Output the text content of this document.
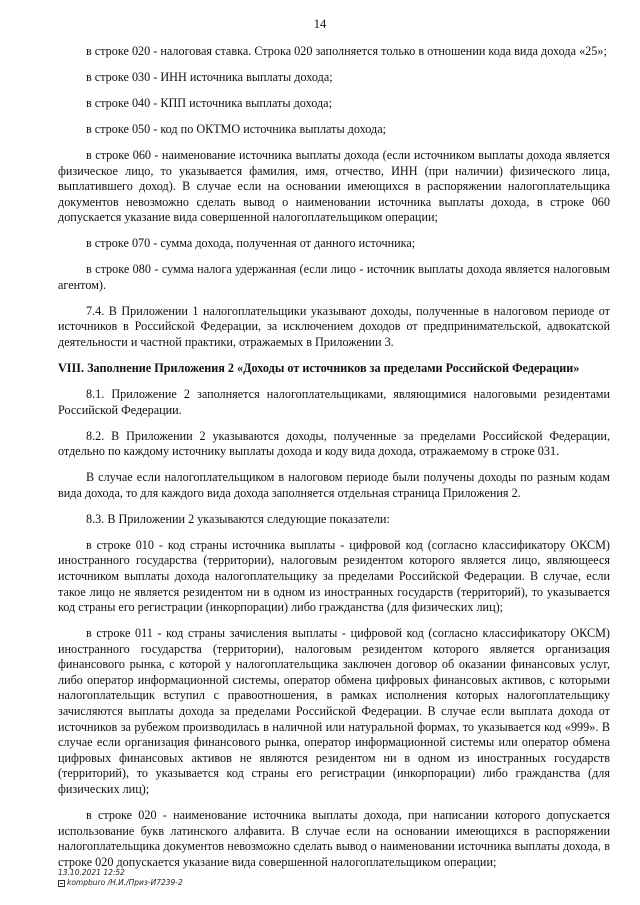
14

в строке 020 - налоговая ставка. Строка 020 заполняется только в отношении кода вида дохода «25»;

в строке 030 - ИНН источника выплаты дохода;

в строке 040 - КПП источника выплаты дохода;

в строке 050 - код по ОКТМО источника выплаты дохода;

в строке 060 - наименование источника выплаты дохода (если источником выплаты дохода является физическое лицо, то указывается фамилия, имя, отчество, ИНН (при наличии) физического лица, выплатившего доход). В случае если на основании имеющихся в распоряжении налогоплательщика документов невозможно сделать вывод о наименовании источника выплаты дохода, в строке 060 допускается указание вида совершенной налогоплательщиком операции;

в строке 070 - сумма дохода, полученная от данного источника;

в строке 080 - сумма налога удержанная (если лицо - источник выплаты дохода является налоговым агентом).

7.4. В Приложении 1 налогоплательщики указывают доходы, полученные в налоговом периоде от источников в Российской Федерации, за исключением доходов от предпринимательской, адвокатской деятельности и частной практики, отражаемых в Приложении 3.

VIII. Заполнение Приложения 2 «Доходы от источников за пределами Российской Федерации»

8.1. Приложение 2 заполняется налогоплательщиками, являющимися налоговыми резидентами Российской Федерации.

8.2. В Приложении 2 указываются доходы, полученные за пределами Российской Федерации, отдельно по каждому источнику выплаты дохода и коду вида дохода, отражаемому в строке 031.

В случае если налогоплательщиком в налоговом периоде были получены доходы по разным кодам вида дохода, то для каждого вида дохода заполняется отдельная страница Приложения 2.

8.3. В Приложении 2 указываются следующие показатели:

в строке 010 - код страны источника выплаты - цифровой код (согласно классификатору ОКСМ) иностранного государства (территории), налоговым резидентом которого является лицо, являющееся источником выплаты дохода налогоплательщику за пределами Российской Федерации. В случае, если такое лицо не является резидентом ни в одном из иностранных государств (территорий), то указывается код страны его регистрации (инкорпорации) либо гражданства (для физических лиц);

в строке 011 - код страны зачисления выплаты - цифровой код (согласно классификатору ОКСМ) иностранного государства (территории), налоговым резидентом которого является организация финансового рынка, с которой у налогоплательщика заключен договор об оказании финансовых услуг, либо оператор информационной системы, оператор обмена цифровых финансовых активов, с которыми налогоплательщик вступил с правоотношения, в рамках исполнения которых налогоплательщику зачисляются выплаты дохода за пределами Российской Федерации. В случае если выплата дохода от источников за рубежом производилась в наличной или натуральной формах, то указывается код «999». В случае если организация финансового рынка, оператор информационной системы или оператор обмена цифровых финансовых активов не являются резидентом ни в одном из иностранных государств (территорий), то указывается код страны его регистрации (инкорпорации) либо гражданства (для физических лиц);

в строке 020 - наименование источника выплаты дохода, при написании которого допускается использование букв латинского алфавита. В случае если на основании имеющихся в распоряжении налогоплательщика документов невозможно сделать вывод о наименовании источника выплаты дохода, в строке 020 допускается указание вида совершенной налогоплательщиком операции;

13.10.2021 12:52
kompburo /Н.И./Приз-И7239-2
